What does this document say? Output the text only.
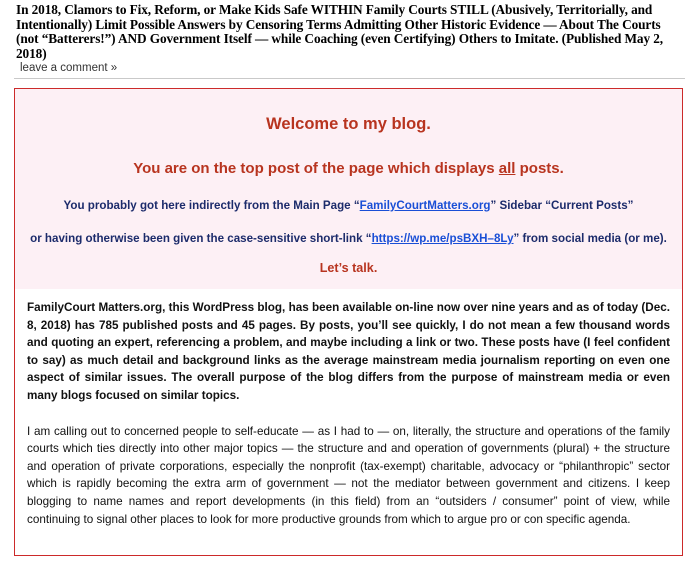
In 2018, Clamors to Fix, Reform, or Make Kids Safe WITHIN Family Courts STILL (Abusively, Territorially, and Intentionally) Limit Possible Answers by Censoring Terms Admitting Other Historic Evidence — About The Courts (not “Batterers!”) AND Government Itself — while Coaching (even Certifying) Others to Imitate. (Published May 2, 2018)
leave a comment »
Welcome to my blog.
You are on the top post of the page which displays all posts.
You probably got here indirectly from the Main Page “FamilyCourtMatters.org” Sidebar “Current Posts”
or having otherwise been given the case-sensitive short-link “https://wp.me/psBXH–8Ly” from social media (or me).
Let’s talk.

FamilyCourt Matters.org, this WordPress blog, has been available on-line now over nine years and as of today (Dec. 8, 2018) has 785 published posts and 45 pages. By posts, you’ll see quickly, I do not mean a few thousand words and quoting an expert, referencing a problem, and maybe including a link or two. These posts have (I feel confident to say) as much detail and background links as the average mainstream media journalism reporting on even one aspect of similar issues. The overall purpose of the blog differs from the purpose of mainstream media or even many blogs focused on similar topics.

I am calling out to concerned people to self-educate — as I had to — on, literally, the structure and operations of the family courts which ties directly into other major topics — the structure and and operation of governments (plural) + the structure and operation of private corporations, especially the nonprofit (tax-exempt) charitable, advocacy or “philanthropic” sector which is rapidly becoming the extra arm of government — not the mediator between government and citizens. I keep blogging to name names and report developments (in this field) from an “outsiders / consumer” point of view, while continuing to signal other places to look for more productive grounds from which to argue pro or con specific agenda.
